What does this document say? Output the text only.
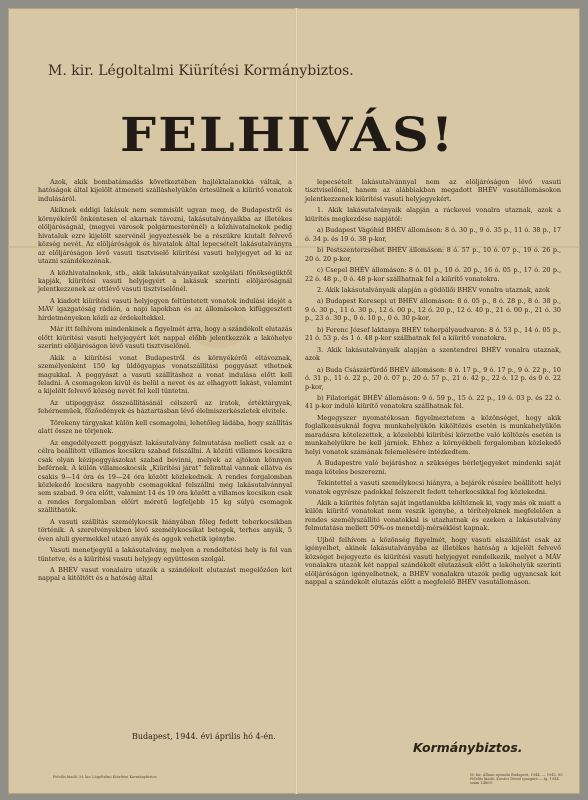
M. kir. Légoltalmi Kiürítési Kormánybiztos.
FELHIVÁS!

Azok, akik bombatámadás következtében hajléktalanokká váltak, a hatóságok által kijelölt átmeneti szálláshelyükön értesülnek a kiürítő vonatok indulásáról.

Akiknek eddigi lakásuk nem semmisült ugyan meg, de Budapestről és környékéről önkéntesen el akarnak távozni, lakásutalványaikba az illetékes elöljáróságnál, (megyei városok polgármesterénél) a kőzhivatalnokok pedig hivataluk ezre kijelölt szervénél jegyeztessék be a részükre kiutalt felvevő község nevét. Az elöljáróságok és hivatalok által lepecsételt lakásutalványra az előljáróságon lévő vasuti tisztviselő kiürítési vasuti helyjegyet ad ki az utazni szándékozónak.

A közhivatalnokok, stb., akik lakásutalványaikat szolgálati főnökségüktől kapják, kiürítési vasuti helyjegyért a lakásuk szerinti elöljáróságnál jelentkezzenek az ottlévő vasuti tisztviselőnél.

A kiadott kiürítési vasuti helyjegyen feltüntetett vonatok indulási idejét a MÁV igazgatóság rádión, a napi lapokban és az állomásokon kifüggesztett hirdetményeken közli az érdekeltekkel.

Már itt felhívom mindenkinek a figyelmét arra, hogy a szándékolt elutazás előtt kiürítési vasuti helyjegyért két nappal előbb jelentkezzék a lakóhelye szerinti elöljáróságon lévő vasuti tisztviselőnél.

Akik a kiürítési vonat Budapestről és környékéről eltávoznak, személyenként 150 kg üldögyapjas vonatszállítási poggyászt vihetnek magukkal. A poggyászt a vasuti szállításhoz a vonat indulása előtt kell feladni. A csomagokon kívül és belül a nevet és az elhagyott lakást, valamint a kijelölt felvevő község nevét fel kell tüntetni.

Az utipoggyász összeállításánál célszerű az iratok, értéktárgyak, fehérnemüek, főzőedények és háztartásban lévő élelmiszerkészletek elvitele.

Törekeny tárgyakat külön kell csomagolni, lehetőleg ládába, hogy szállítás alatt össze ne törjenek.

Az engedélyezett poggyászt lakásutalvány felmutatása mellett csak az e célra beállított villamos kocsikra szabad felszállni. A közúti villamos kocsikra csak olyan kézipoggyászokat szabad bevinni, melyek az ajtókon könnyen beférnek. A külön villamoskocsik „Kiürítési járat” felirattal vannak ellátva és csakis 9—14 óra és 19—24 óra között közlekednek. A rendes forgalomban közlekedő kocsikra nagyobb csomagokkal felszállni még lakásutalvánnyal sem szabad. 9 óra előtt, valamint 14 és 19 óra között a villamos kocsikon csak a rendes forgalomban előírt méretű legfeljebb 15 kg súlyú csomagok szállíthatók.

A vasuti szállítás személykocsik hiányában főleg fedett teherkocsikban történik. A szerelvényekben lévő személykocsikat betegek, terhes anyák, 5 éven aluli gyermekkel utazó anyák és aggok vehetik igénybe.

Vasuti menetjegyül a lakásutalvány, melyen a rendeltetési hely is fel van tüntetve, és a kiürítési vasuti helyjegy együttesen szolgál.

A BHÉV vasut vonalaira utazók a szándékolt elutazást megelőzően két nappal a kitöltött és a hatóság által

lepecsételt lakásutalvánnyal nem az elöljáróságon lévő vasuti tisztviselőnél, hanem az alábbiakban megadott BHÉV vasutállomásokon jelentkezzenek kiürítési vasuti helyjegyekért.

1. Akik lakásutalványaik alapján a ráckevei vonalra utaznak, azok a kiürítés megkezdése napjától:

a) Budapest Vágóhíd BHÉV állomáson: 8 ó. 30 p., 9 ó. 35 p., 11 ó. 38 p., 17 ó. 34 p. és 19 ó. 38 p-kor,

b) Pestszenterzsébet BHÉV állomáson: 8 ó. 57 p., 10 ó. 07 p., 19 ó. 26 p., 20 ó. 20 p-kor,

c) Csepel BHÉV állomáson: 8 ó. 01 p., 10 ó. 20 p., 16 ó. 05 p., 17 ó. 20 p., 22 ó. 48 p., 0 ó. 48 p-kor szállhatnak fel a kiürítő vonatokra.

2. Akik lakásutalványaik alapján a gödöllői BHÉV vonalra utaznak, azok

a) Budapest Keresepi ut BHÉV állomáson: 8 ó. 05 p., 8 ó. 28 p., 8 ó. 38 p., 9 ó. 30 p., 11 ó. 30 p., 12 ó. 00 p., 12 ó. 20 p., 12 ó. 40 p., 21 ó. 00 p., 21 ó. 30 p., 23 ó. 30 p., 0 ó. 10 p., 0 ó. 30 p-kor,

b) Ferenc József laktanya BHÉV teherpályaudvaron: 8 ó. 53 p., 14 ó. 05 p., 21 ó. 53 p. és 1 ó. 48 p-kor szállhatnak fel a kiürítő vonatokra.

3. Akik lakásutalványaik alapján a szentendrei BHÉV vonalra utaznak, azok

a) Buda Császárfürdő BHÉV állomáson: 8 ó. 17 p., 9 ó. 17 p., 9 ó. 22 p., 10 ó. 31 p., 11 ó. 22 p., 20 ó. 07 p., 20 ó. 57 p., 21 ó. 42 p., 22 ó. 12 p. és 0 ó. 22 p-kor,

b) Filatorigát BHÉV állomáson: 9 ó. 59 p., 15 ó. 22 p., 19 ó. 03 p. és 22 ó. 41 p-kor induló kiürítő vonatokra szállhatnak fel.

Megegyszer nyomatékosan figyelmeztetem a közönséget, hogy akik foglalkozásuknál fogva munkahelyükön kiköltözés esetén is munkahelyükön maradásra kötelezettek, a közelebbi kiürítési körzetbe való költözés esetén is munkahelyükre be kell járniok. Ehhez a környékbeli forgalomban közlekedő helyi vonatok számának felemelésére intézkedtem.

A Budapestre való bejáráshoz a szükséges bérletjegyeket mindenki saját maga köteles beszerezni.

Tekintettel a vasuti személykocsi hiányra, a bejárók részére beállított helyi vonatok egyrésze padokkal felszerelt fedett teherkocsikkal fog közlekedni.

Akik a kiürítés folytán saját ingatlanukba költöznek ki, vagy más ok miatt a külön kiürítő vonatokat nem veszik igénybe, a térítelyeknek megfelelően a rendes személyszállító vonatokkal is utazhatnak és ezeken a lakásutalvány felmutatása mellett 50%-os menetdíj-mérséklést kapnak.

Ujból felhívom a közönség figyelmét, hogy vasuti elszállítást csak az igényelhet, akinek lakásutalványába az illetékes hatóság a kijelölt felvevő községet bejegyezte és kiürítési vasuti helyjegyet rendelkezik, melyet a MÁV vonalakra utazók két nappal szándékolt elutazásuk előtt a lakóhelyük szerinti elöljáróságon igényelhetnek, a BHÉV vonalakra utazók pedig ugyancsak két nappal a szándékolt elutazás előtt a megfelelő BHÉV vasutállomáson.

Budapest, 1944. évi április hó 4-én.
Kormánybiztos.
Felelős kiadó: M. kir. Légoltalmi Kiürítési Kormánybiztos	M. kir. Állami nyomda Budapest, 1944. — 1945. 85 Felelős kiadó: Kovács Dezső igazgató — Ig. 1944. szám 14869.
